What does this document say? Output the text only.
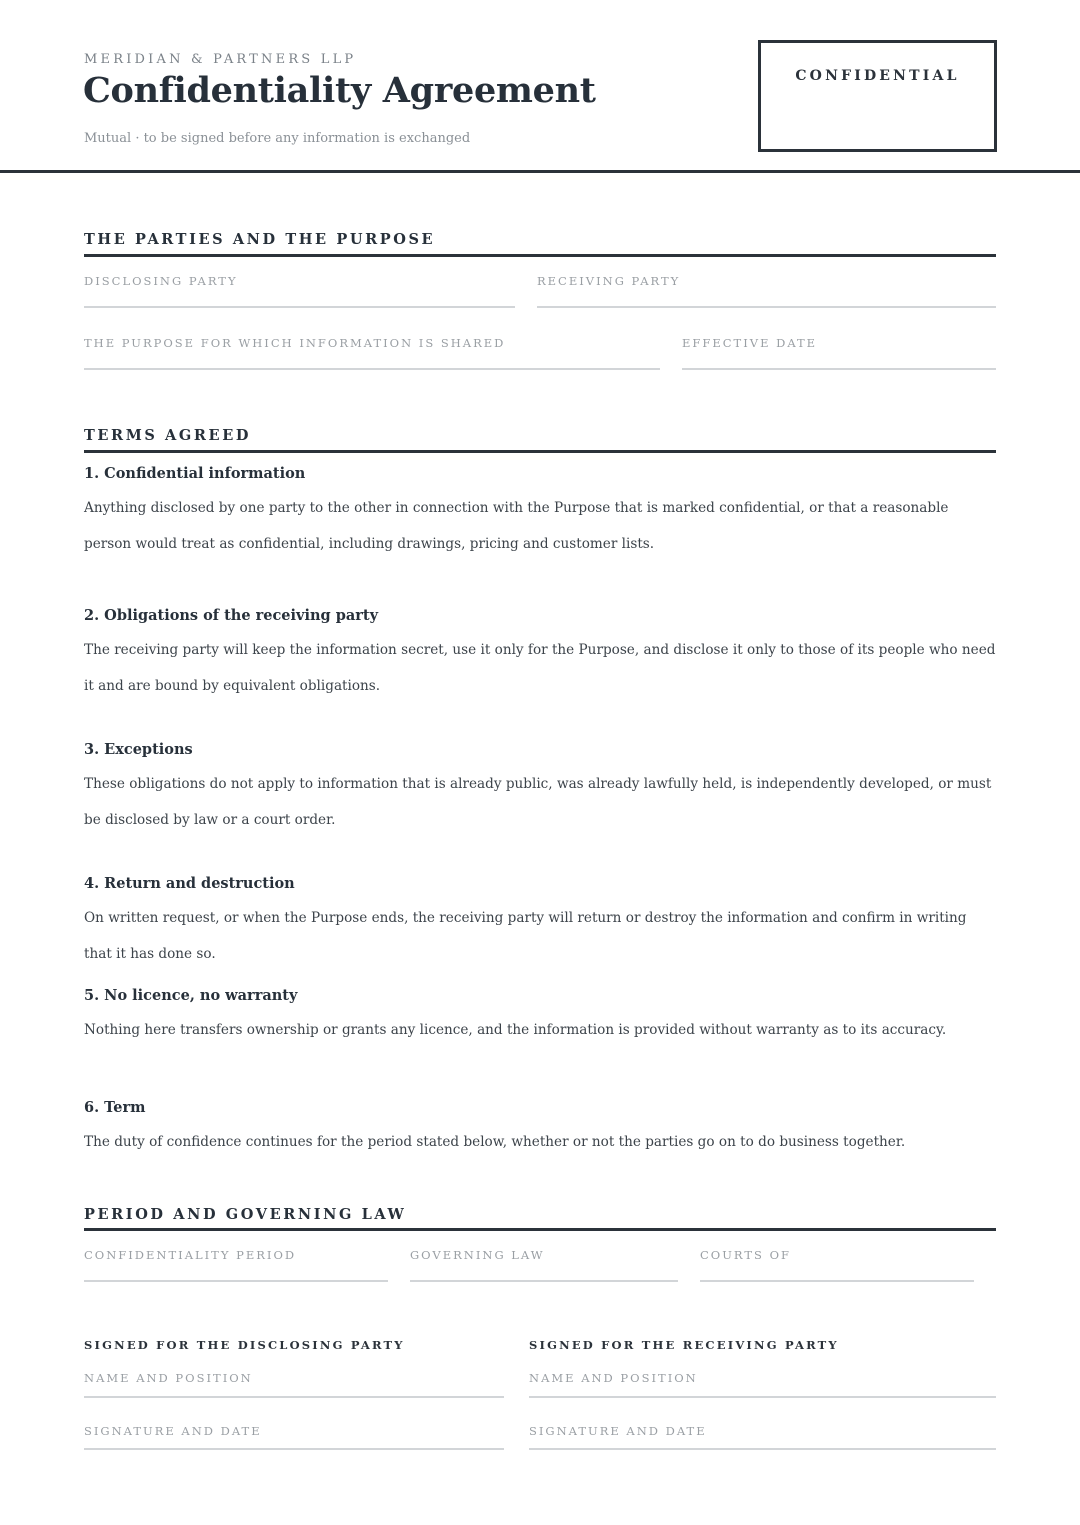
MERIDIAN & PARTNERS LLP
Confidentiality Agreement
Mutual · to be signed before any information is exchanged
CONFIDENTIAL
THE PARTIES AND THE PURPOSE
DISCLOSING PARTY	RECEIVING PARTY
THE PURPOSE FOR WHICH INFORMATION IS SHARED	EFFECTIVE DATE
TERMS AGREED
1. Confidential information

Anything disclosed by one party to the other in connection with the Purpose that is marked confidential, or that a reasonable person would treat as confidential, including drawings, pricing and customer lists.

2. Obligations of the receiving party

The receiving party will keep the information secret, use it only for the Purpose, and disclose it only to those of its people who need it and are bound by equivalent obligations.

3. Exceptions

These obligations do not apply to information that is already public, was already lawfully held, is independently developed, or must be disclosed by law or a court order.

4. Return and destruction

On written request, or when the Purpose ends, the receiving party will return or destroy the information and confirm in writing that it has done so.

5. No licence, no warranty

Nothing here transfers ownership or grants any licence, and the information is provided without warranty as to its accuracy.

6. Term

The duty of confidence continues for the period stated below, whether or not the parties go on to do business together.

PERIOD AND GOVERNING LAW
CONFIDENTIALITY PERIOD	GOVERNING LAW	COURTS OF
SIGNED FOR THE DISCLOSING PARTY
NAME AND POSITION
SIGNATURE AND DATE
SIGNED FOR THE RECEIVING PARTY
NAME AND POSITION
SIGNATURE AND DATE
